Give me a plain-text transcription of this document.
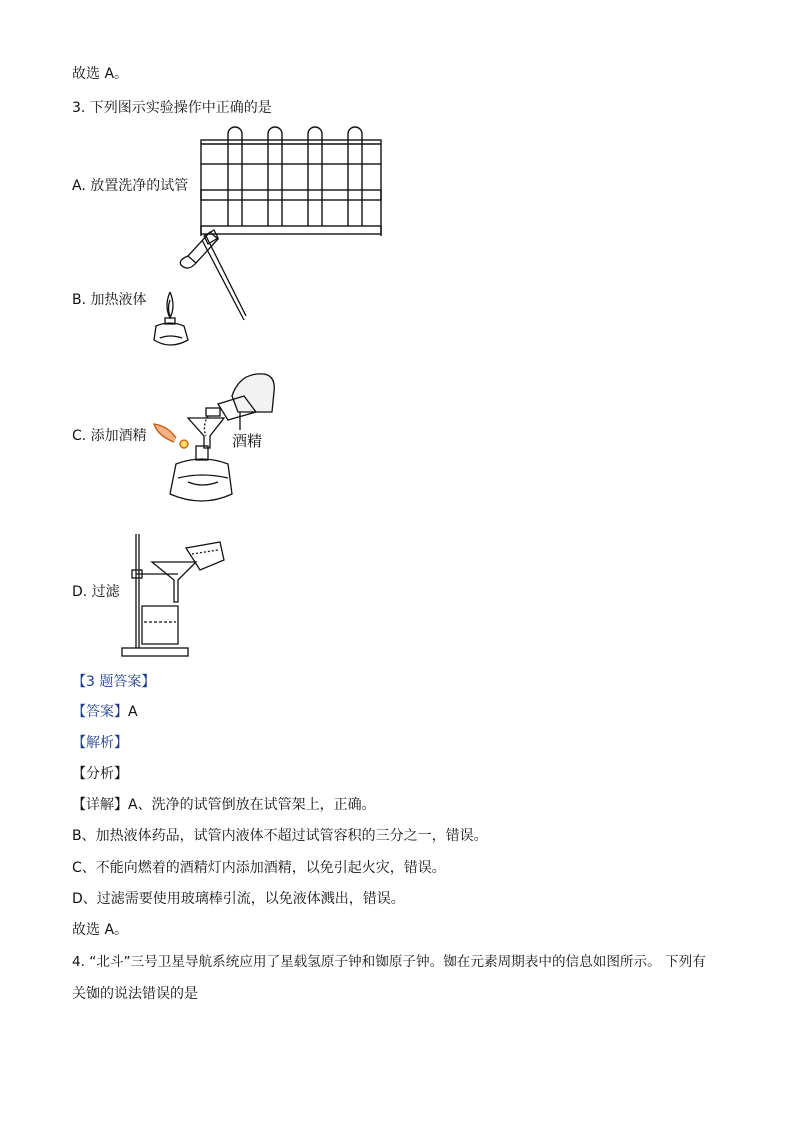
故选 A。
3. 下列图示实验操作中正确的是
A. 放置洗净的试管
B. 加热液体
C. 添加酒精	酒精
D. 过滤
【3 题答案】
【答案】A
【解析】
【分析】
【详解】A、洗净的试管倒放在试管架上，正确。
B、加热液体药品，试管内液体不超过试管容积的三分之一，错误。
C、不能向燃着的酒精灯内添加酒精，以免引起火灾，错误。
D、过滤需要使用玻璃棒引流，以免液体溅出，错误。
故选 A。
4. “北斗”三号卫星导航系统应用了星载氢原子钟和铷原子钟。铷在元素周期表中的信息如图所示。 下列有
关铷的说法错误的是
